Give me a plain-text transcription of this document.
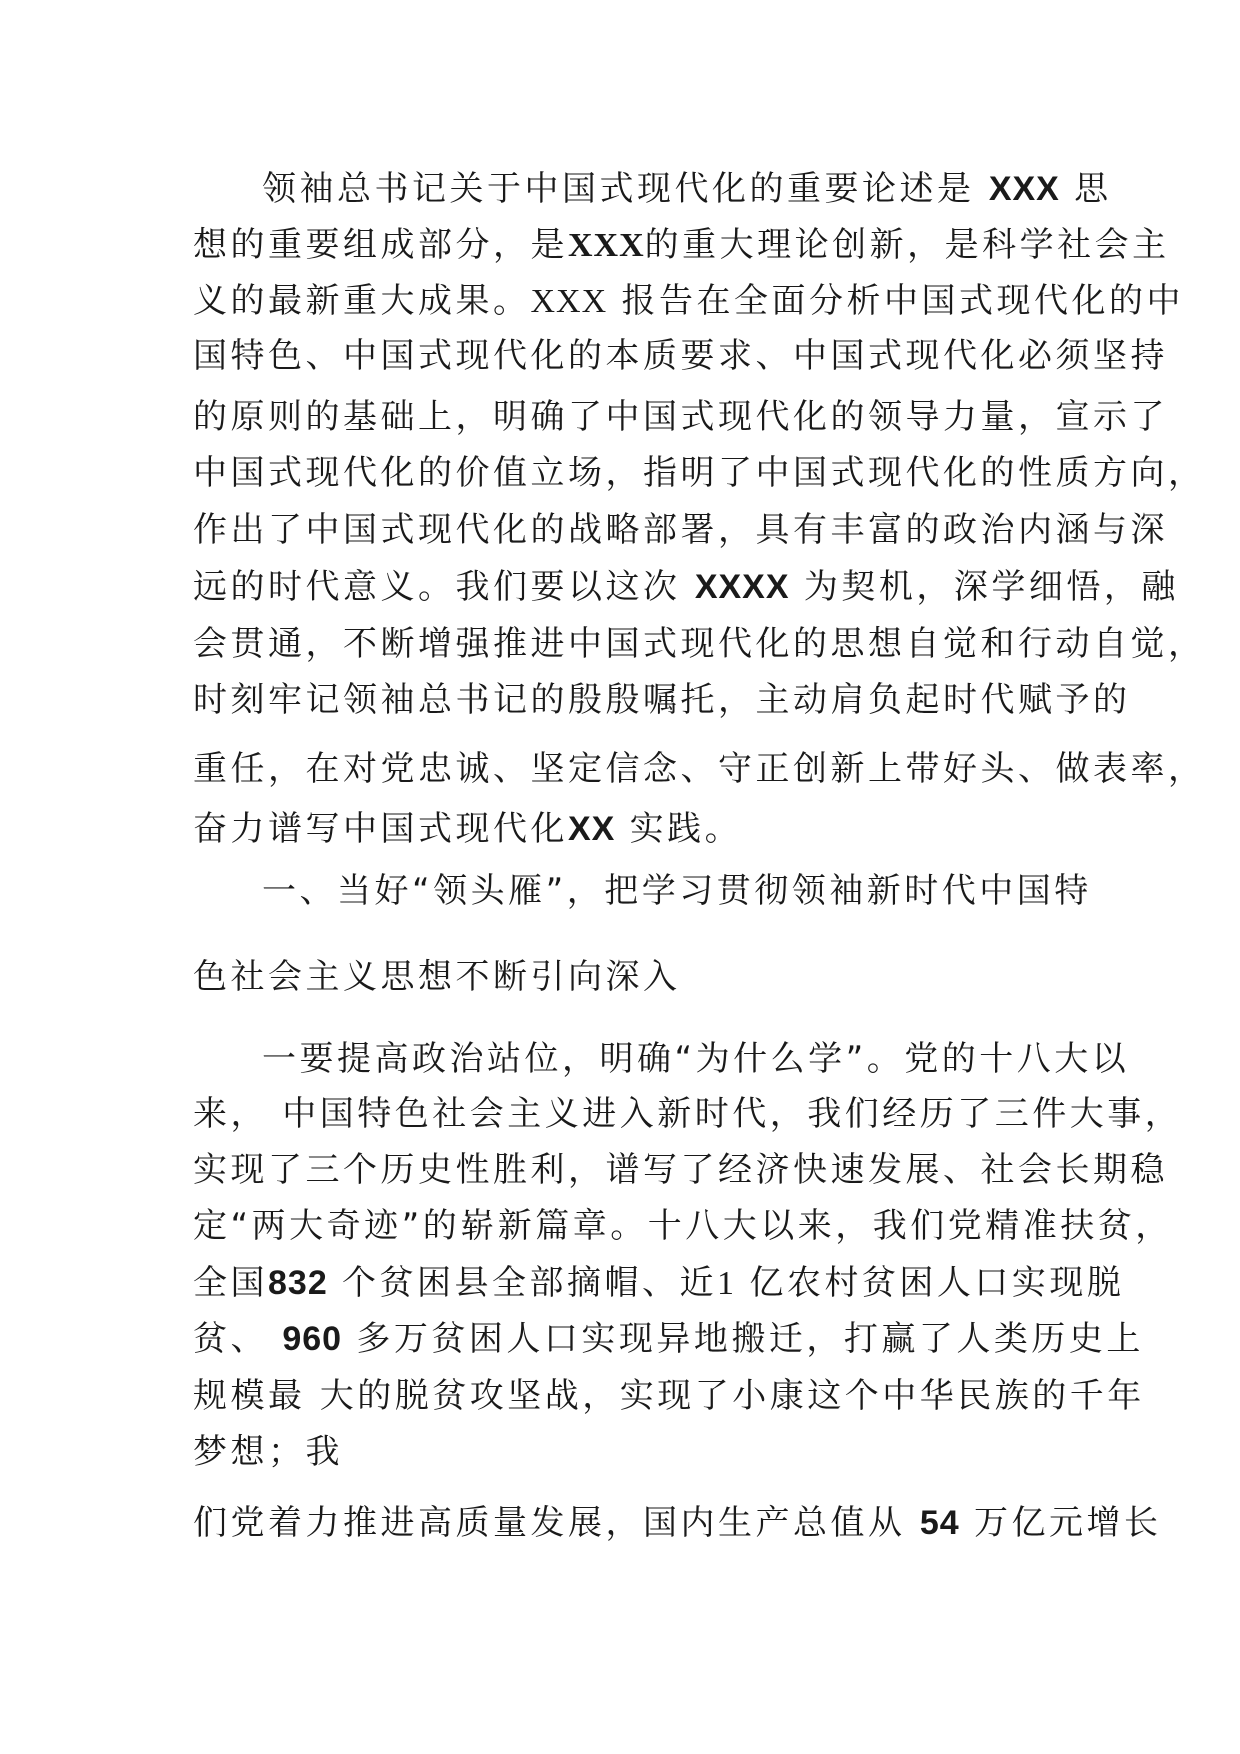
领袖总书记关于中国式现代化的重要论述是 XXX 思
想的重要组成部分，是XXX的重大理论创新，是科学社会主
义的最新重大成果。XXX 报告在全面分析中国式现代化的中
国特色、中国式现代化的本质要求、中国式现代化必须坚持
的原则的基础上，明确了中国式现代化的领导力量，宣示了
中国式现代化的价值立场，指明了中国式现代化的性质方向，
作出了中国式现代化的战略部署，具有丰富的政治内涵与深
远的时代意义。我们要以这次 XXXX 为契机，深学细悟，融
会贯通，不断增强推进中国式现代化的思想自觉和行动自觉，
时刻牢记领袖总书记的殷殷嘱托，主动肩负起时代赋予的
重任，在对党忠诚、坚定信念、守正创新上带好头、做表率，
奋力谱写中国式现代化XX 实践。
一、当好“领头雁”，把学习贯彻领袖新时代中国特
色社会主义思想不断引向深入
一要提高政治站位，明确“为什么学”。党的十八大以
来， 中国特色社会主义进入新时代，我们经历了三件大事，
实现了三个历史性胜利，谱写了经济快速发展、社会长期稳
定“两大奇迹”的崭新篇章。十八大以来，我们党精准扶贫，
全国832 个贫困县全部摘帽、近1 亿农村贫困人口实现脱
贫、 960 多万贫困人口实现异地搬迁，打赢了人类历史上
规模最 大的脱贫攻坚战，实现了小康这个中华民族的千年
梦想；我
们党着力推进高质量发展，国内生产总值从 54 万亿元增长
